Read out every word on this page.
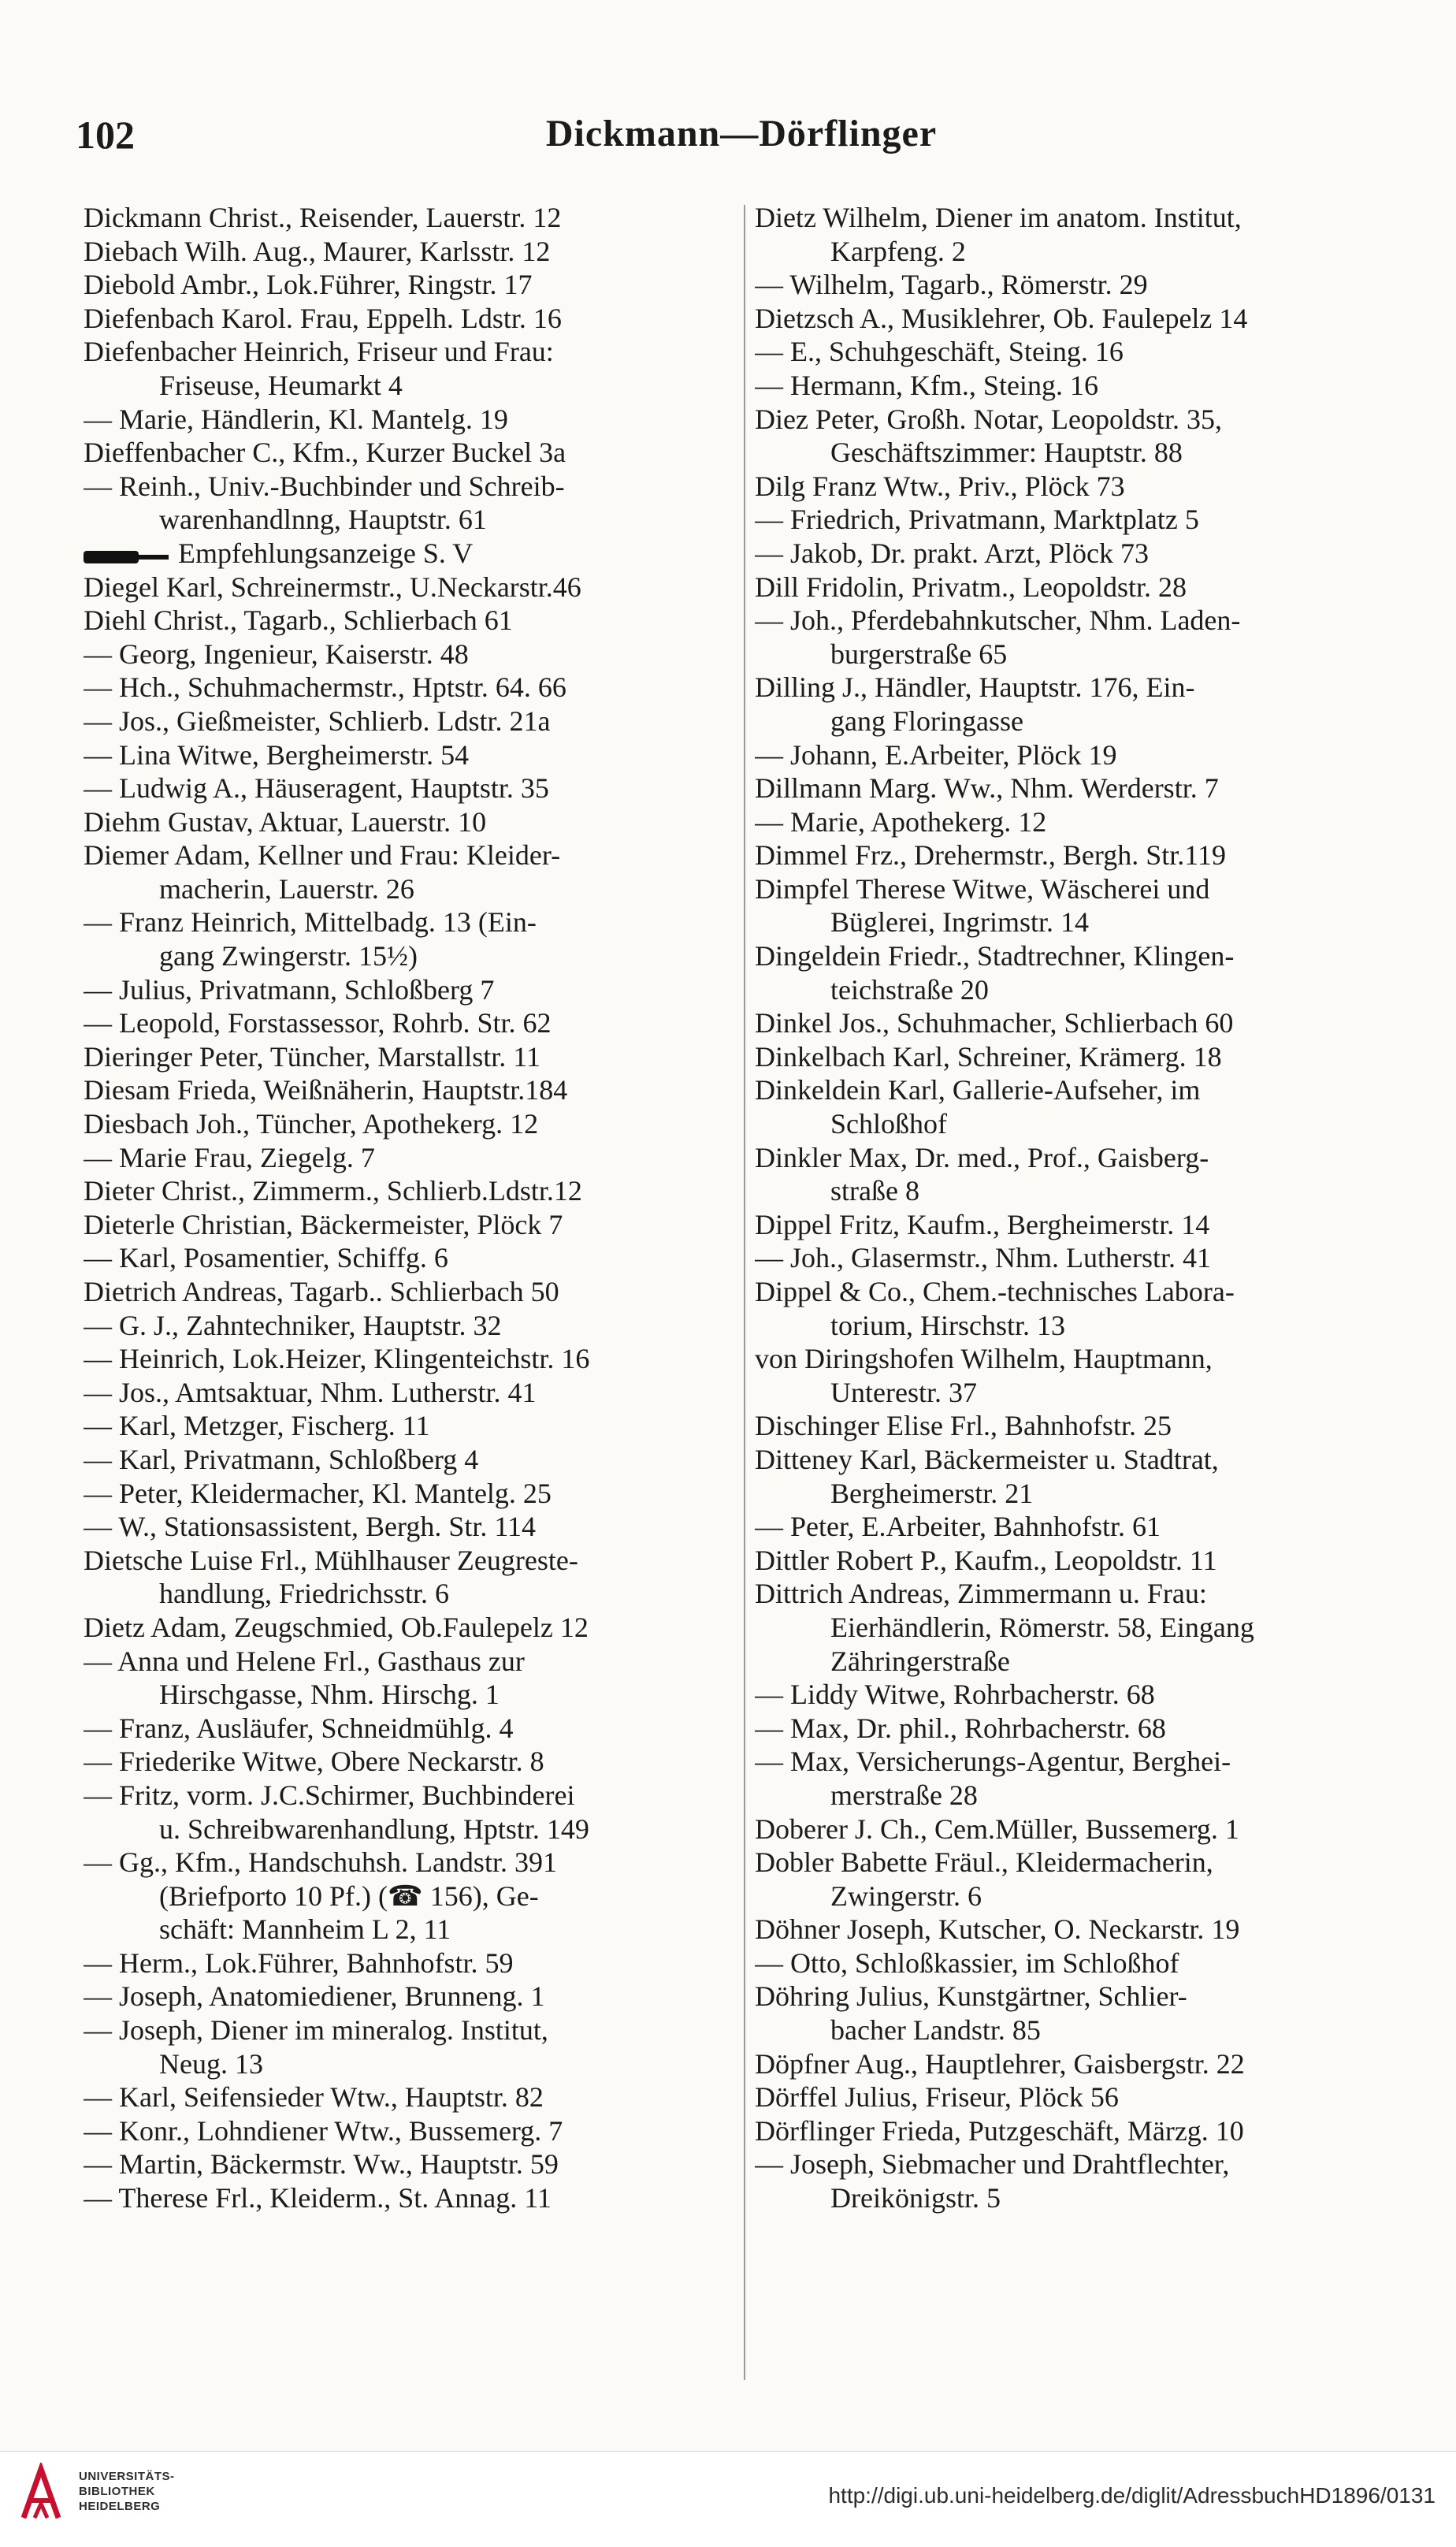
102	Dickmann—Dörflinger
Dickmann Christ., Reisender, Lauerstr. 12
Diebach Wilh. Aug., Maurer, Karlsstr. 12
Diebold Ambr., Lok.Führer, Ringstr. 17
Diefenbach Karol. Frau, Eppelh. Ldstr. 16
Diefenbacher Heinrich, Friseur und Frau:
Friseuse, Heumarkt 4
— Marie, Händlerin, Kl. Mantelg. 19
Dieffenbacher C., Kfm., Kurzer Buckel 3a
— Reinh., Univ.-Buchbinder und Schreib-
warenhandlnng, Hauptstr. 61
Empfehlungsanzeige S. V
Diegel Karl, Schreinermstr., U.Neckarstr.46
Diehl Christ., Tagarb., Schlierbach 61
— Georg, Ingenieur, Kaiserstr. 48
— Hch., Schuhmachermstr., Hptstr. 64. 66
— Jos., Gießmeister, Schlierb. Ldstr. 21a
— Lina Witwe, Bergheimerstr. 54
— Ludwig A., Häuseragent, Hauptstr. 35
Diehm Gustav, Aktuar, Lauerstr. 10
Diemer Adam, Kellner und Frau: Kleider-
macherin, Lauerstr. 26
— Franz Heinrich, Mittelbadg. 13 (Ein-
gang Zwingerstr. 15½)
— Julius, Privatmann, Schloßberg 7
— Leopold, Forstassessor, Rohrb. Str. 62
Dieringer Peter, Tüncher, Marstallstr. 11
Diesam Frieda, Weißnäherin, Hauptstr.184
Diesbach Joh., Tüncher, Apothekerg. 12
— Marie Frau, Ziegelg. 7
Dieter Christ., Zimmerm., Schlierb.Ldstr.12
Dieterle Christian, Bäckermeister, Plöck 7
— Karl, Posamentier, Schiffg. 6
Dietrich Andreas, Tagarb.. Schlierbach 50
— G. J., Zahntechniker, Hauptstr. 32
— Heinrich, Lok.Heizer, Klingenteichstr. 16
— Jos., Amtsaktuar, Nhm. Lutherstr. 41
— Karl, Metzger, Fischerg. 11
— Karl, Privatmann, Schloßberg 4
— Peter, Kleidermacher, Kl. Mantelg. 25
— W., Stationsassistent, Bergh. Str. 114
Dietsche Luise Frl., Mühlhauser Zeugreste-
handlung, Friedrichsstr. 6
Dietz Adam, Zeugschmied, Ob.Faulepelz 12
— Anna und Helene Frl., Gasthaus zur
Hirschgasse, Nhm. Hirschg. 1
— Franz, Ausläufer, Schneidmühlg. 4
— Friederike Witwe, Obere Neckarstr. 8
— Fritz, vorm. J.C.Schirmer, Buchbinderei
u. Schreibwarenhandlung, Hptstr. 149
— Gg., Kfm., Handschuhsh. Landstr. 391
(Briefporto 10 Pf.) (☎ 156), Ge-
schäft: Mannheim L 2, 11
— Herm., Lok.Führer, Bahnhofstr. 59
— Joseph, Anatomiediener, Brunneng. 1
— Joseph, Diener im mineralog. Institut,
Neug. 13
— Karl, Seifensieder Wtw., Hauptstr. 82
— Konr., Lohndiener Wtw., Bussemerg. 7
— Martin, Bäckermstr. Ww., Hauptstr. 59
— Therese Frl., Kleiderm., St. Annag. 11
Dietz Wilhelm, Diener im anatom. Institut,
Karpfeng. 2
— Wilhelm, Tagarb., Römerstr. 29
Dietzsch A., Musiklehrer, Ob. Faulepelz 14
— E., Schuhgeschäft, Steing. 16
— Hermann, Kfm., Steing. 16
Diez Peter, Großh. Notar, Leopoldstr. 35,
Geschäftszimmer: Hauptstr. 88
Dilg Franz Wtw., Priv., Plöck 73
— Friedrich, Privatmann, Marktplatz 5
— Jakob, Dr. prakt. Arzt, Plöck 73
Dill Fridolin, Privatm., Leopoldstr. 28
— Joh., Pferdebahnkutscher, Nhm. Laden-
burgerstraße 65
Dilling J., Händler, Hauptstr. 176, Ein-
gang Floringasse
— Johann, E.Arbeiter, Plöck 19
Dillmann Marg. Ww., Nhm. Werderstr. 7
— Marie, Apothekerg. 12
Dimmel Frz., Drehermstr., Bergh. Str.119
Dimpfel Therese Witwe, Wäscherei und
Büglerei, Ingrimstr. 14
Dingeldein Friedr., Stadtrechner, Klingen-
teichstraße 20
Dinkel Jos., Schuhmacher, Schlierbach 60
Dinkelbach Karl, Schreiner, Krämerg. 18
Dinkeldein Karl, Gallerie-Aufseher, im
Schloßhof
Dinkler Max, Dr. med., Prof., Gaisberg-
straße 8
Dippel Fritz, Kaufm., Bergheimerstr. 14
— Joh., Glasermstr., Nhm. Lutherstr. 41
Dippel & Co., Chem.-technisches Labora-
torium, Hirschstr. 13
von Diringshofen Wilhelm, Hauptmann,
Unterestr. 37
Dischinger Elise Frl., Bahnhofstr. 25
Ditteney Karl, Bäckermeister u. Stadtrat,
Bergheimerstr. 21
— Peter, E.Arbeiter, Bahnhofstr. 61
Dittler Robert P., Kaufm., Leopoldstr. 11
Dittrich Andreas, Zimmermann u. Frau:
Eierhändlerin, Römerstr. 58, Eingang
Zähringerstraße
— Liddy Witwe, Rohrbacherstr. 68
— Max, Dr. phil., Rohrbacherstr. 68
— Max, Versicherungs-Agentur, Berghei-
merstraße 28
Doberer J. Ch., Cem.Müller, Bussemerg. 1
Dobler Babette Fräul., Kleidermacherin,
Zwingerstr. 6
Döhner Joseph, Kutscher, O. Neckarstr. 19
— Otto, Schloßkassier, im Schloßhof
Döhring Julius, Kunstgärtner, Schlier-
bacher Landstr. 85
Döpfner Aug., Hauptlehrer, Gaisbergstr. 22
Dörffel Julius, Friseur, Plöck 56
Dörflinger Frieda, Putzgeschäft, Märzg. 10
— Joseph, Siebmacher und Drahtflechter,
Dreikönigstr. 5
UNIVERSITÄTS-
BIBLIOTHEK
HEIDELBERG	http://digi.ub.uni-heidelberg.de/diglit/AdressbuchHD1896/0131
